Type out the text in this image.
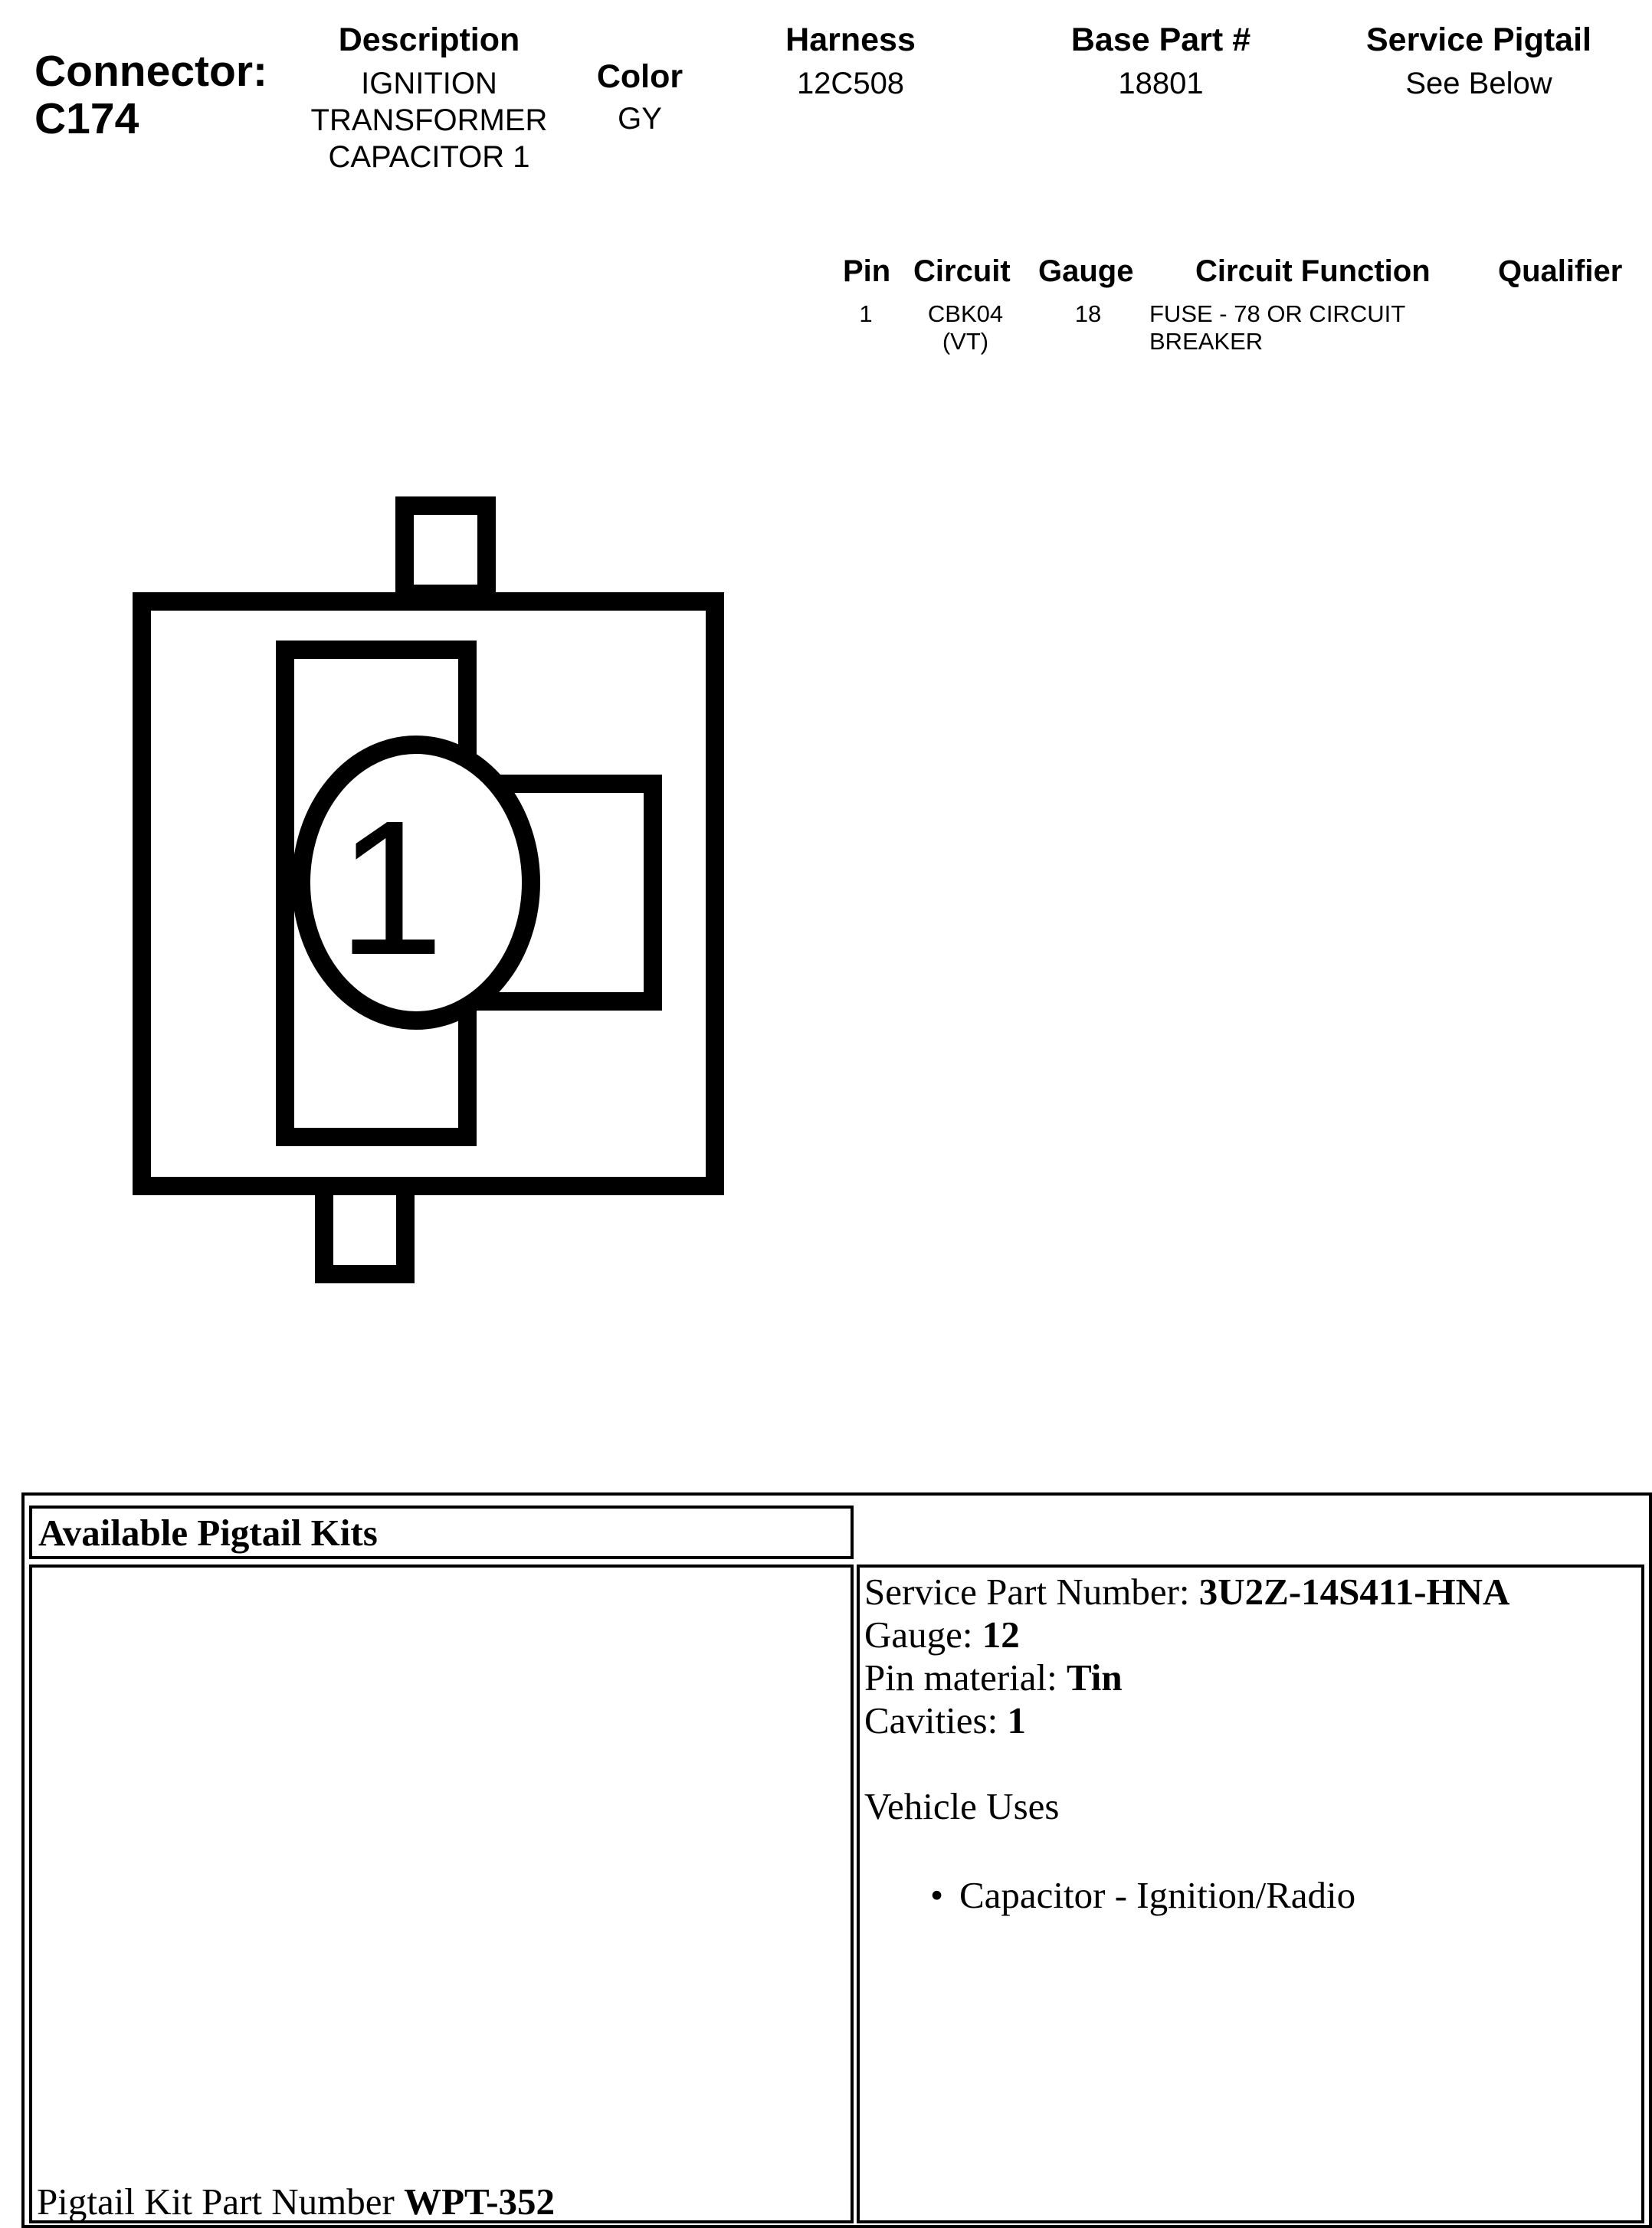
Connector:
C174
Description
IGNITION
TRANSFORMER
CAPACITOR 1
Color
GY
Harness
12C508
Base Part #
18801
Service Pigtail
See Below
Pin Circuit Gauge Circuit Function Qualifier
1	CBK04
(VT)
18	FUSE - 78 OR CIRCUIT
BREAKER
1
Available Pigtail Kits
Pigtail Kit Part Number WPT-352
Service Part Number: 3U2Z-14S411-HNA
Gauge: 12
Pin material: Tin
Cavities: 1
Vehicle Uses
• Capacitor - Ignition/Radio
